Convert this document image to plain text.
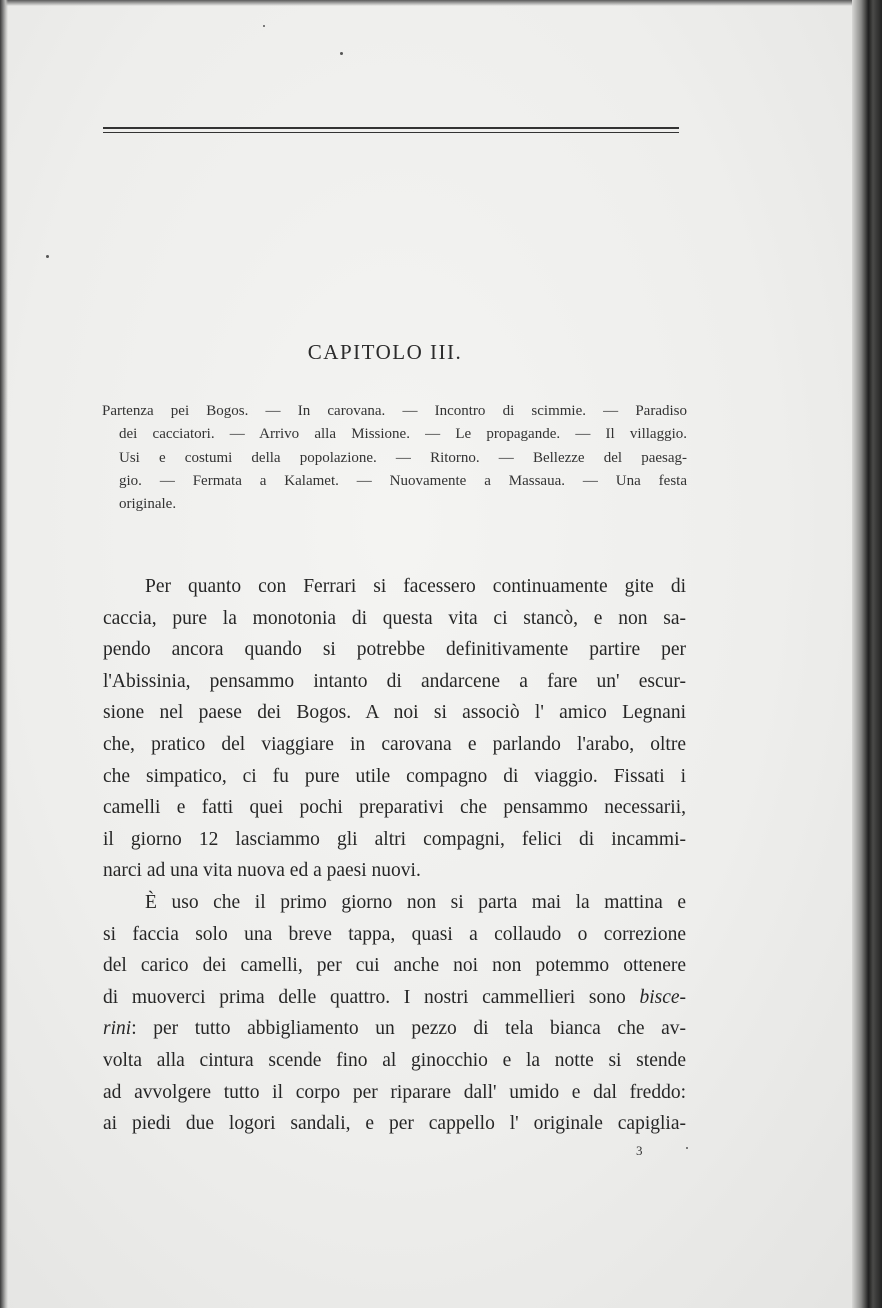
CAPITOLO III.
Partenza pei Bogos. — In carovana. — Incontro di scimmie. — Paradiso
dei cacciatori. — Arrivo alla Missione. — Le propagande. — Il villaggio.
Usi e costumi della popolazione. — Ritorno. — Bellezze del paesag-
gio. — Fermata a Kalamet. — Nuovamente a Massaua. — Una festa
originale.
Per quanto con Ferrari si facessero continuamente gite di
caccia, pure la monotonia di questa vita ci stancò, e non sa-
pendo ancora quando si potrebbe definitivamente partire per
l'Abissinia, pensammo intanto di andarcene a fare un' escur-
sione nel paese dei Bogos. A noi si associò l' amico Legnani
che, pratico del viaggiare in carovana e parlando l'arabo, oltre
che simpatico, ci fu pure utile compagno di viaggio. Fissati i
camelli e fatti quei pochi preparativi che pensammo necessarii,
il giorno 12 lasciammo gli altri compagni, felici di incammi-
narci ad una vita nuova ed a paesi nuovi.
È uso che il primo giorno non si parta mai la mattina e
si faccia solo una breve tappa, quasi a collaudo o correzione
del carico dei camelli, per cui anche noi non potemmo ottenere
di muoverci prima delle quattro. I nostri cammellieri sono bisce-
rini: per tutto abbigliamento un pezzo di tela bianca che av-
volta alla cintura scende fino al ginocchio e la notte si stende
ad avvolgere tutto il corpo per riparare dall' umido e dal freddo:
ai piedi due logori sandali, e per cappello l' originale capiglia-
3
